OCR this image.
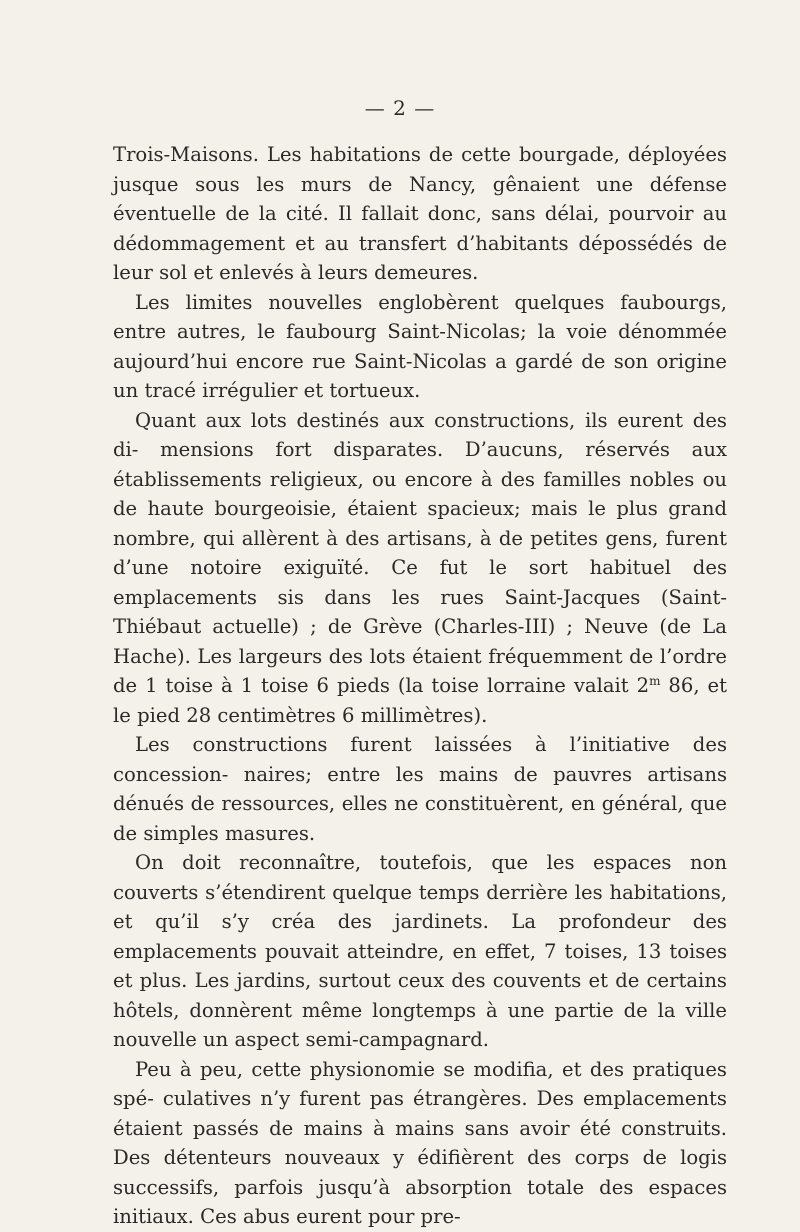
— 2 —

Trois-Maisons. Les habitations de cette bourgade, déployées jusque sous les murs de Nancy, gênaient une défense éventuelle de la cité. Il fallait donc, sans délai, pourvoir au dédommagement et au transfert d’habitants dépossédés de leur sol et enlevés à leurs demeures.

Les limites nouvelles englobèrent quelques faubourgs, entre autres, le faubourg Saint-Nicolas; la voie dénommée aujourd’hui encore rue Saint-Nicolas a gardé de son origine un tracé irrégulier et tortueux.

Quant aux lots destinés aux constructions, ils eurent des di- mensions fort disparates. D’aucuns, réservés aux établissements religieux, ou encore à des familles nobles ou de haute bourgeoisie, étaient spacieux; mais le plus grand nombre, qui allèrent à des artisans, à de petites gens, furent d’une notoire exiguïté. Ce fut le sort habituel des emplacements sis dans les rues Saint-Jacques (Saint-Thiébaut actuelle) ; de Grève (Charles-III) ; Neuve (de La Hache). Les largeurs des lots étaient fréquemment de l’ordre de 1 toise à 1 toise 6 pieds (la toise lorraine valait 2$^m$ 86, et le pied 28 centimètres 6 millimètres).

Les constructions furent laissées à l’initiative des concession- naires; entre les mains de pauvres artisans dénués de ressources, elles ne constituèrent, en général, que de simples masures.

On doit reconnaître, toutefois, que les espaces non couverts s’étendirent quelque temps derrière les habitations, et qu’il s’y créa des jardinets. La profondeur des emplacements pouvait atteindre, en effet, 7 toises, 13 toises et plus. Les jardins, surtout ceux des couvents et de certains hôtels, donnèrent même longtemps à une partie de la ville nouvelle un aspect semi-campagnard.

Peu à peu, cette physionomie se modifia, et des pratiques spé- culatives n’y furent pas étrangères. Des emplacements étaient passés de mains à mains sans avoir été construits. Des détenteurs nouveaux y édifièrent des corps de logis successifs, parfois jusqu’à absorption totale des espaces initiaux. Ces abus eurent pour pre-
